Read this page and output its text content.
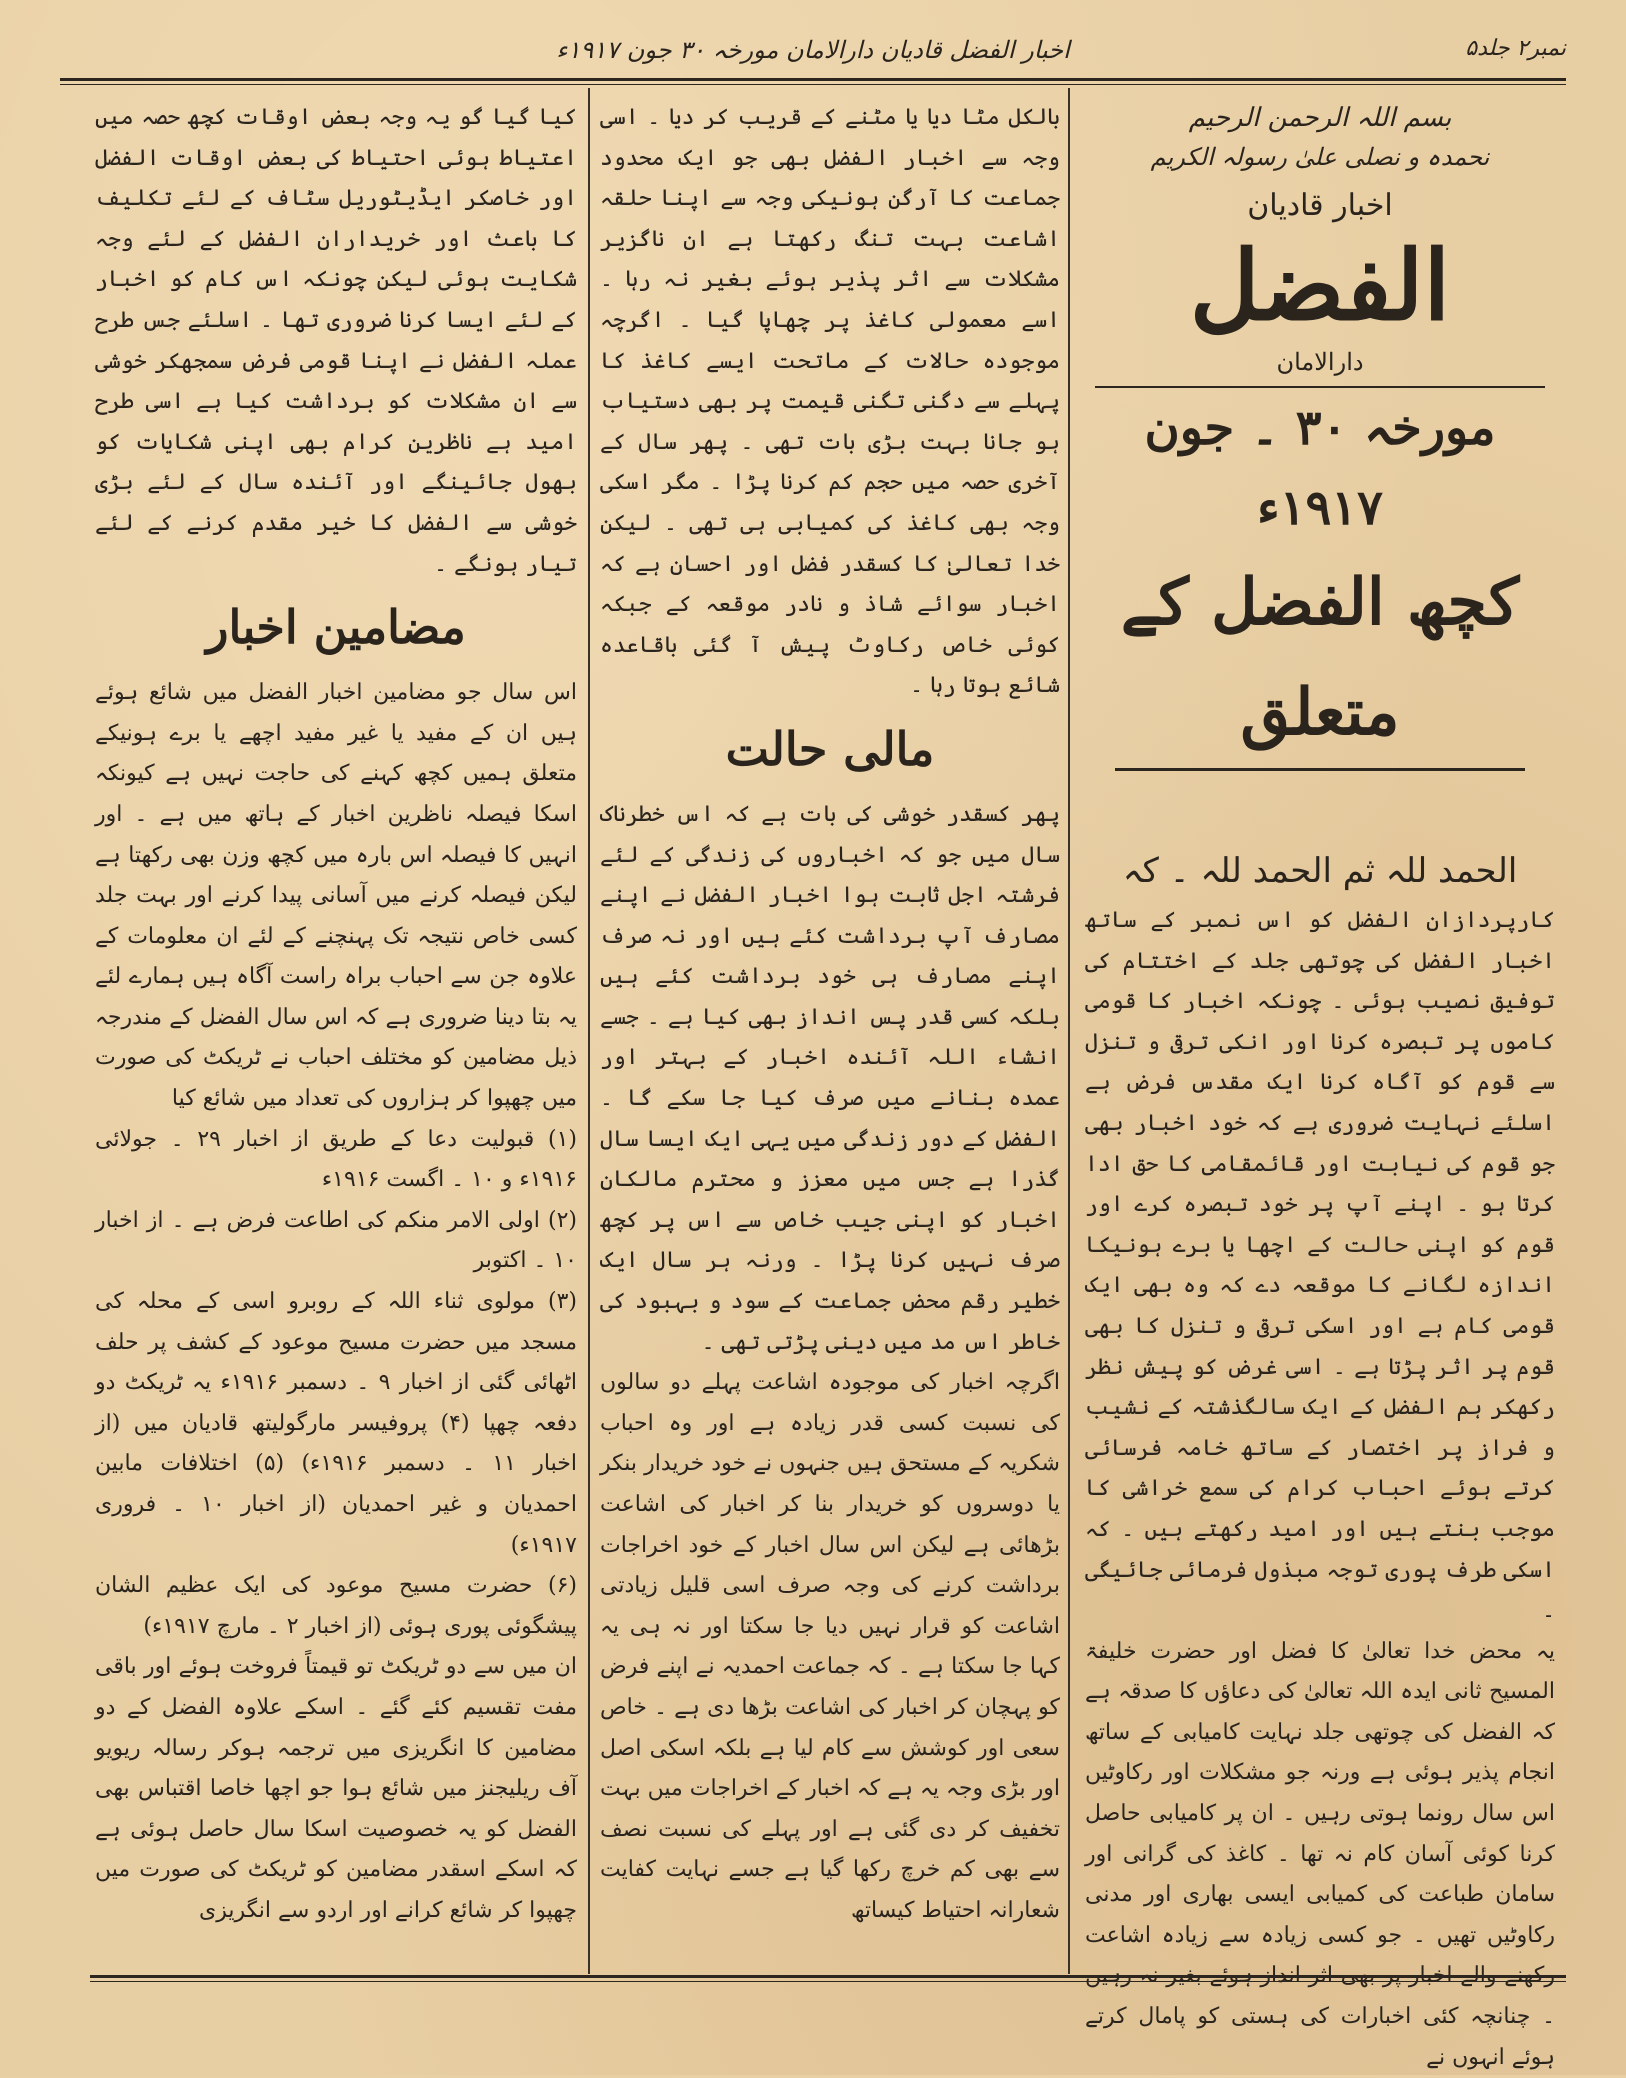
نمبر۲ جلد۵
اخبار الفضل قادیان دارالامان مورخہ ۳۰ جون ۱۹۱۷ء
بسم اللہ الرحمن الرحیم
نحمدہ و نصلی علیٰ رسولہ الکریم
اخبار قادیان
الفضل
دارالامان
مورخہ ۳۰ ۔ جون ۱۹۱۷ء
کچھ الفضل کے متعلق
الحمد للہ ثم الحمد للہ ۔ کہ

کارپردازان الفضل کو اس نمبر کے ساتھ اخبار الفضل کی چوتھی جلد کے اختتام کی توفیق نصیب ہوئی ۔ چونکہ اخبار کا قومی کاموں پر تبصرہ کرنا اور انکی ترقی و تنزل سے قوم کو آگاہ کرنا ایک مقدس فرض ہے اسلئے نہایت ضروری ہے کہ خود اخبار بھی جو قوم کی نیابت اور قائمقامی کا حق ادا کرتا ہو ۔ اپنے آپ پر خود تبصرہ کرے اور قوم کو اپنی حالت کے اچھا یا برے ہونیکا اندازہ لگانے کا موقعہ دے کہ وہ بھی ایک قومی کام ہے اور اسکی ترقی و تنزل کا بھی قوم پر اثر پڑتا ہے ۔ اسی غرض کو پیش نظر رکھکر ہم الفضل کے ایک سالگذشتہ کے نشیب و فراز پر اختصار کے ساتھ خامہ فرسائی کرتے ہوئے احباب کرام کی سمع خراشی کا موجب بنتے ہیں اور امید رکھتے ہیں ۔ کہ اسکی طرف پوری توجہ مبذول فرمائی جائیگی ۔

یہ محض خدا تعالیٰ کا فضل اور حضرت خلیفۃ المسیح ثانی ایدہ اللہ تعالیٰ کی دعاؤں کا صدقہ ہے کہ الفضل کی چوتھی جلد نہایت کامیابی کے ساتھ انجام پذیر ہوئی ہے ورنہ جو مشکلات اور رکاوٹیں اس سال رونما ہوتی رہیں ۔ ان پر کامیابی حاصل کرنا کوئی آسان کام نہ تھا ۔ کاغذ کی گرانی اور سامان طباعت کی کمیابی ایسی بھاری اور مدنی رکاوٹیں تھیں ۔ جو کسی زیادہ سے زیادہ اشاعت رکھنے والے اخبار پر بھی اثر انداز ہوئے بغیر نہ رہیں ۔ چنانچہ کئی اخبارات کی ہستی کو پامال کرتے ہوئے انہوں نے

بالکل مٹا دیا یا مٹنے کے قریب کر دیا ۔ اسی وجہ سے اخبار الفضل بھی جو ایک محدود جماعت کا آرگن ہونیکی وجہ سے اپنا حلقہ اشاعت بہت تنگ رکھتا ہے ان ناگزیر مشکلات سے اثر پذیر ہوئے بغیر نہ رہا ۔ اسے معمولی کاغذ پر چھاپا گیا ۔ اگرچہ موجودہ حالات کے ماتحت ایسے کاغذ کا پہلے سے دگنی تگنی قیمت پر بھی دستیاب ہو جانا بہت بڑی بات تھی ۔ پھر سال کے آخری حصہ میں حجم کم کرنا پڑا ۔ مگر اسکی وجہ بھی کاغذ کی کمیابی ہی تھی ۔ لیکن خدا تعالیٰ کا کسقدر فضل اور احسان ہے کہ اخبار سوائے شاذ و نادر موقعہ کے جبکہ کوئی خاص رکاوٹ پیش آ گئی باقاعدہ شائع ہوتا رہا ۔

مالی حالت

پھر کسقدر خوشی کی بات ہے کہ اس خطرناک سال میں جو کہ اخباروں کی زندگی کے لئے فرشتہ اجل ثابت ہوا اخبار الفضل نے اپنے مصارف آپ برداشت کئے ہیں اور نہ صرف اپنے مصارف ہی خود برداشت کئے ہیں بلکہ کسی قدر پس انداز بھی کیا ہے ۔ جسے انشاء اللہ آئندہ اخبار کے بہتر اور عمدہ بنانے میں صرف کیا جا سکے گا ۔ الفضل کے دور زندگی میں یہی ایک ایسا سال گذرا ہے جس میں معزز و محترم مالکان اخبار کو اپنی جیب خاص سے اس پر کچھ صرف نہیں کرنا پڑا ۔ ورنہ ہر سال ایک خطیر رقم محض جماعت کے سود و بہبود کی خاطر اس مد میں دینی پڑتی تھی ۔

اگرچہ اخبار کی موجودہ اشاعت پہلے دو سالوں کی نسبت کسی قدر زیادہ ہے اور وہ احباب شکریہ کے مستحق ہیں جنہوں نے خود خریدار بنکر یا دوسروں کو خریدار بنا کر اخبار کی اشاعت بڑھائی ہے لیکن اس سال اخبار کے خود اخراجات برداشت کرنے کی وجہ صرف اسی قلیل زیادتی اشاعت کو قرار نہیں دیا جا سکتا اور نہ ہی یہ کہا جا سکتا ہے ۔ کہ جماعت احمدیہ نے اپنے فرض کو پہچان کر اخبار کی اشاعت بڑھا دی ہے ۔ خاص سعی اور کوشش سے کام لیا ہے بلکہ اسکی اصل اور بڑی وجہ یہ ہے کہ اخبار کے اخراجات میں بہت تخفیف کر دی گئی ہے اور پہلے کی نسبت نصف سے بھی کم خرچ رکھا گیا ہے جسے نہایت کفایت شعارانہ احتیاط کیساتھ

کیا گیا گو یہ وجہ بعض اوقات کچھ حصہ میں اعتیاط ہوئی احتیاط کی بعض اوقات الفضل اور خاصکر ایڈیٹوریل سٹاف کے لئے تکلیف کا باعث اور خریداران الفضل کے لئے وجہ شکایت ہوئی لیکن چونکہ اس کام کو اخبار کے لئے ایسا کرنا ضروری تھا ۔ اسلئے جس طرح عملہ الفضل نے اپنا قومی فرض سمجھکر خوشی سے ان مشکلات کو برداشت کیا ہے اسی طرح امید ہے ناظرین کرام بھی اپنی شکایات کو بھول جائینگے اور آئندہ سال کے لئے بڑی خوشی سے الفضل کا خیر مقدم کرنے کے لئے تیار ہونگے ۔

مضامین اخبار

اس سال جو مضامین اخبار الفضل میں شائع ہوئے ہیں ان کے مفید یا غیر مفید اچھے یا برے ہونیکے متعلق ہمیں کچھ کہنے کی حاجت نہیں ہے کیونکہ اسکا فیصلہ ناظرین اخبار کے ہاتھ میں ہے ۔ اور انہیں کا فیصلہ اس بارہ میں کچھ وزن بھی رکھتا ہے لیکن فیصلہ کرنے میں آسانی پیدا کرنے اور بہت جلد کسی خاص نتیجہ تک پہنچنے کے لئے ان معلومات کے علاوہ جن سے احباب براہ راست آگاہ ہیں ہمارے لئے یہ بتا دینا ضروری ہے کہ اس سال الفضل کے مندرجہ ذیل مضامین کو مختلف احباب نے ٹریکٹ کی صورت میں چھپوا کر ہزاروں کی تعداد میں شائع کیا

(۱) قبولیت دعا کے طریق از اخبار ۲۹ ۔ جولائی ۱۹۱۶ء و ۱۰ ۔ اگست ۱۹۱۶ء

(۲) اولی الامر منکم کی اطاعت فرض ہے ۔ از اخبار ۱۰ ۔ اکتوبر

(۳) مولوی ثناء اللہ کے روبرو اسی کے محلہ کی مسجد میں حضرت مسیح موعود کے کشف پر حلف اٹھائی گئی از اخبار ۹ ۔ دسمبر ۱۹۱۶ء یہ ٹریکٹ دو دفعہ چھپا (۴) پروفیسر مارگولیتھ قادیان میں (از اخبار ۱۱ ۔ دسمبر ۱۹۱۶ء) (۵) اختلافات مابین احمدیان و غیر احمدیان (از اخبار ۱۰ ۔ فروری ۱۹۱۷ء)

(۶) حضرت مسیح موعود کی ایک عظیم الشان پیشگوئی پوری ہوئی (از اخبار ۲ ۔ مارچ ۱۹۱۷ء)

ان میں سے دو ٹریکٹ تو قیمتاً فروخت ہوئے اور باقی مفت تقسیم کئے گئے ۔ اسکے علاوہ الفضل کے دو مضامین کا انگریزی میں ترجمہ ہوکر رسالہ ریویو آف ریلیجنز میں شائع ہوا جو اچھا خاصا اقتباس بھی الفضل کو یہ خصوصیت اسکا سال حاصل ہوئی ہے کہ اسکے اسقدر مضامین کو ٹریکٹ کی صورت میں چھپوا کر شائع کرانے اور اردو سے انگریزی
